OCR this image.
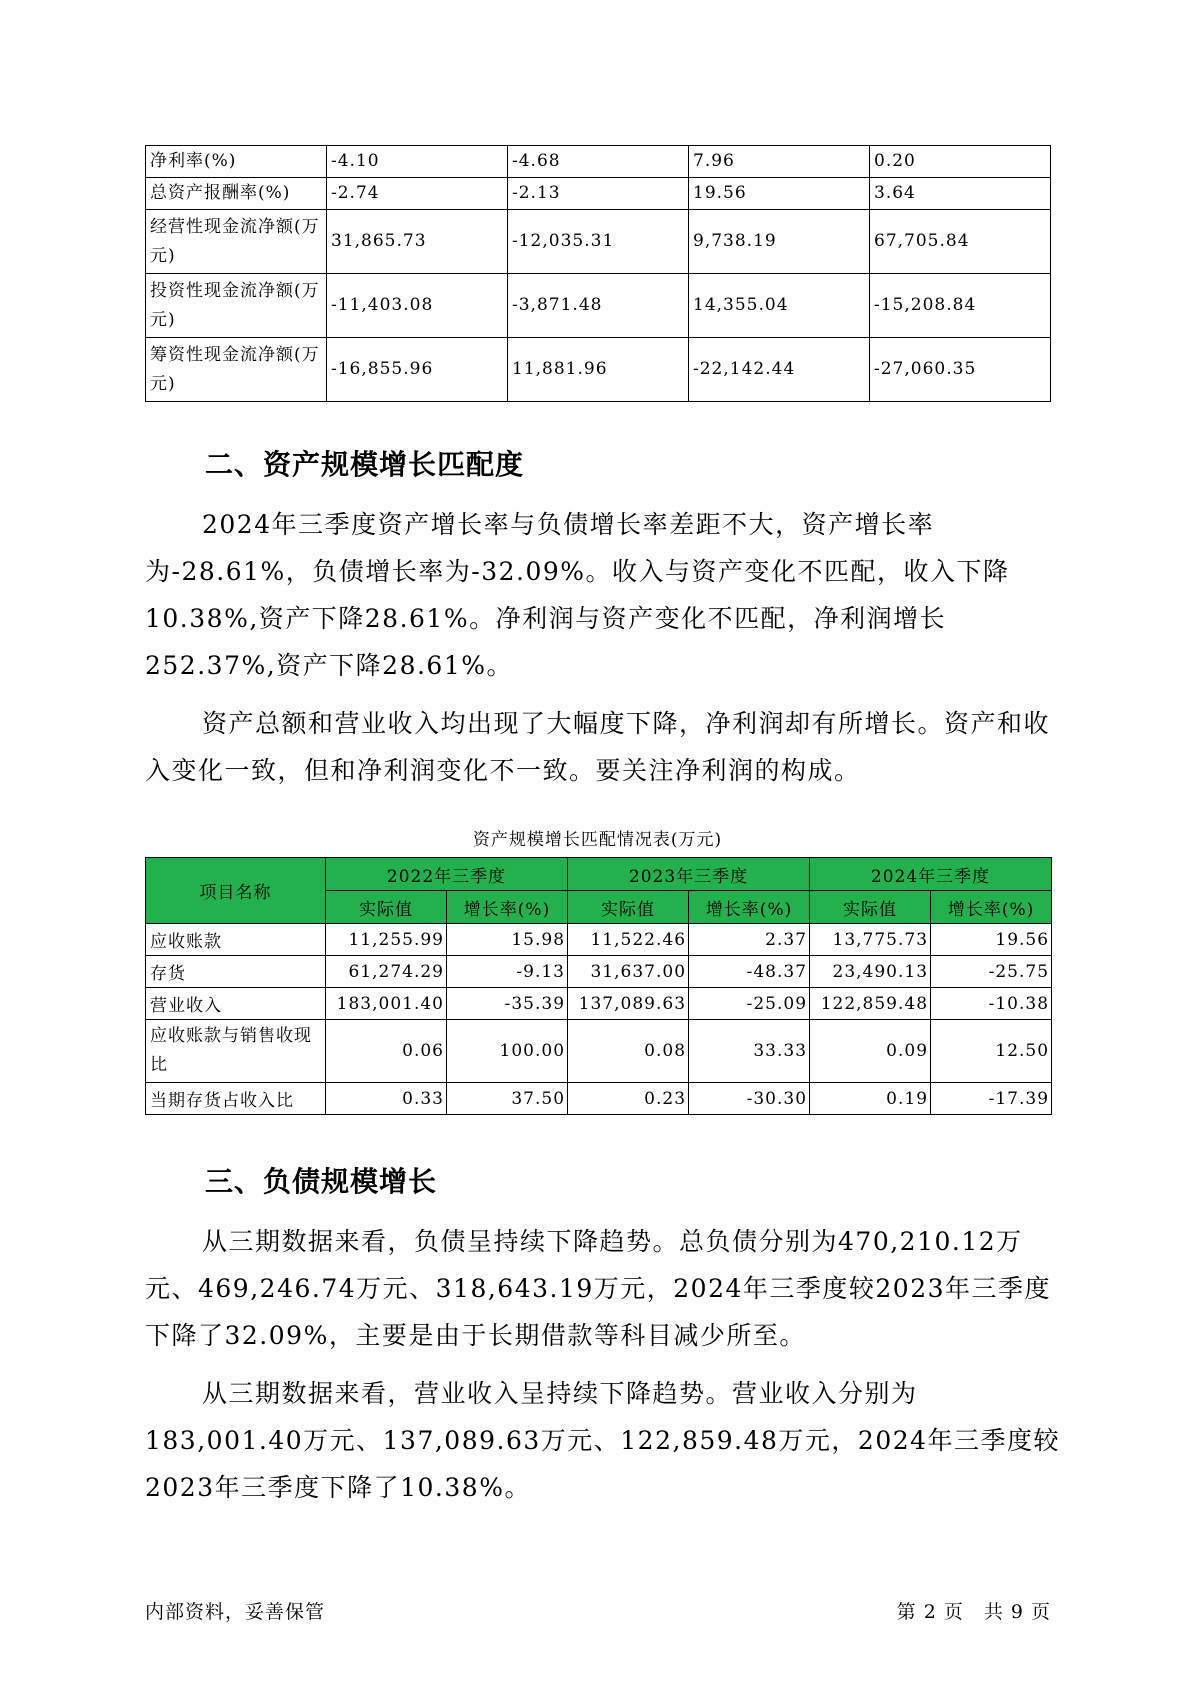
净利率(%)	-4.10	-4.68	7.96	0.20
总资产报酬率(%)	-2.74	-2.13	19.56	3.64
经营性现金流净额(万元)	31,865.73	-12,035.31	9,738.19	67,705.84
投资性现金流净额(万元)	-11,403.08	-3,871.48	14,355.04	-15,208.84
筹资性现金流净额(万元)	-16,855.96	11,881.96	-22,142.44	-27,060.35
二、资产规模增长匹配度

2024年三季度资产增长率与负债增长率差距不大，资产增长率为-28.61%，负债增长率为-32.09%。收入与资产变化不匹配，收入下降10.38%,资产下降28.61%。净利润与资产变化不匹配，净利润增长252.37%,资产下降28.61%。

资产总额和营业收入均出现了大幅度下降，净利润却有所增长。资产和收入变化一致，但和净利润变化不一致。要关注净利润的构成。

资产规模增长匹配情况表(万元)
项目名称	2022年三季度		2023年三季度		2024年三季度	
	实际值	增长率(%)	实际值	增长率(%)	实际值	增长率(%)
应收账款	11,255.99	15.98	11,522.46	2.37	13,775.73	19.56
存货	61,274.29	-9.13	31,637.00	-48.37	23,490.13	-25.75
营业收入	183,001.40	-35.39	137,089.63	-25.09	122,859.48	-10.38
应收账款与销售收现比	0.06	100.00	0.08	33.33	0.09	12.50
当期存货占收入比	0.33	37.50	0.23	-30.30	0.19	-17.39
三、负债规模增长

从三期数据来看，负债呈持续下降趋势。总负债分别为470,210.12万元、469,246.74万元、318,643.19万元，2024年三季度较2023年三季度下降了32.09%，主要是由于长期借款等科目减少所至。

从三期数据来看，营业收入呈持续下降趋势。营业收入分别为183,001.40万元、137,089.63万元、122,859.48万元，2024年三季度较2023年三季度下降了10.38%。

内部资料，妥善保管	第 2 页　共 9 页
